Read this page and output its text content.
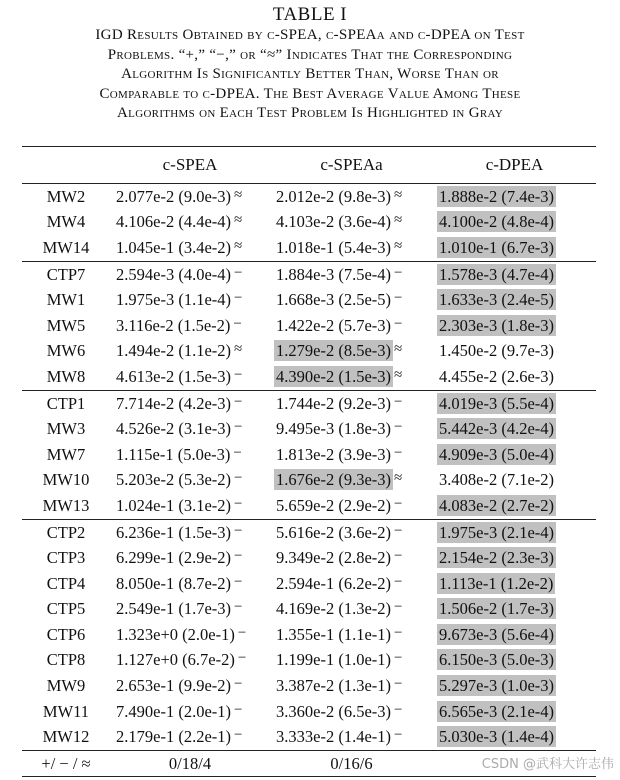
TABLE I
IGD Results Obtained by c-SPEA, c-SPEAa and c-DPEA on Test
Problems. “+,” “−,” or “≈” Indicates That the Corresponding
Algorithm Is Significantly Better Than, Worse Than or
Comparable to c-DPEA. The Best Average Value Among These
Algorithms on Each Test Problem Is Highlighted in Gray
	c-SPEA	c-SPEAa	c-DPEA
MW2	2.077e-2 (9.0e-3) ≈	2.012e-2 (9.8e-3) ≈	1.888e-2 (7.4e-3)
MW4	4.106e-2 (4.4e-4) ≈	4.103e-2 (3.6e-4) ≈	4.100e-2 (4.8e-4)
MW14	1.045e-1 (3.4e-2) ≈	1.018e-1 (5.4e-3) ≈	1.010e-1 (6.7e-3)
CTP7	2.594e-3 (4.0e-4) −	1.884e-3 (7.5e-4) −	1.578e-3 (4.7e-4)
MW1	1.975e-3 (1.1e-4) −	1.668e-3 (2.5e-5) −	1.633e-3 (2.4e-5)
MW5	3.116e-2 (1.5e-2) −	1.422e-2 (5.7e-3) −	2.303e-3 (1.8e-3)
MW6	1.494e-2 (1.1e-2) ≈	1.279e-2 (8.5e-3) ≈	1.450e-2 (9.7e-3)
MW8	4.613e-2 (1.5e-3) −	4.390e-2 (1.5e-3) ≈	4.455e-2 (2.6e-3)
CTP1	7.714e-2 (4.2e-3) −	1.744e-2 (9.2e-3) −	4.019e-3 (5.5e-4)
MW3	4.526e-2 (3.1e-3) −	9.495e-3 (1.8e-3) −	5.442e-3 (4.2e-4)
MW7	1.115e-1 (5.0e-3) −	1.813e-2 (3.9e-3) −	4.909e-3 (5.0e-4)
MW10	5.203e-2 (5.3e-2) −	1.676e-2 (9.3e-3) ≈	3.408e-2 (7.1e-2)
MW13	1.024e-1 (3.1e-2) −	5.659e-2 (2.9e-2) −	4.083e-2 (2.7e-2)
CTP2	6.236e-1 (1.5e-3) −	5.616e-2 (3.6e-2) −	1.975e-3 (2.1e-4)
CTP3	6.299e-1 (2.9e-2) −	9.349e-2 (2.8e-2) −	2.154e-2 (2.3e-3)
CTP4	8.050e-1 (8.7e-2) −	2.594e-1 (6.2e-2) −	1.113e-1 (1.2e-2)
CTP5	2.549e-1 (1.7e-3) −	4.169e-2 (1.3e-2) −	1.506e-2 (1.7e-3)
CTP6	1.323e+0 (2.0e-1) −	1.355e-1 (1.1e-1) −	9.673e-3 (5.6e-4)
CTP8	1.127e+0 (6.7e-2) −	1.199e-1 (1.0e-1) −	6.150e-3 (5.0e-3)
MW9	2.653e-1 (9.9e-2) −	3.387e-2 (1.3e-1) −	5.297e-3 (1.0e-3)
MW11	7.490e-1 (2.0e-1) −	3.360e-2 (6.5e-3) −	6.565e-3 (2.1e-4)
MW12	2.179e-1 (2.2e-1) −	3.333e-2 (1.4e-1) −	5.030e-3 (1.4e-4)
+/ − / ≈	0/18/4	0/16/6		CSDN @武科大许志伟
